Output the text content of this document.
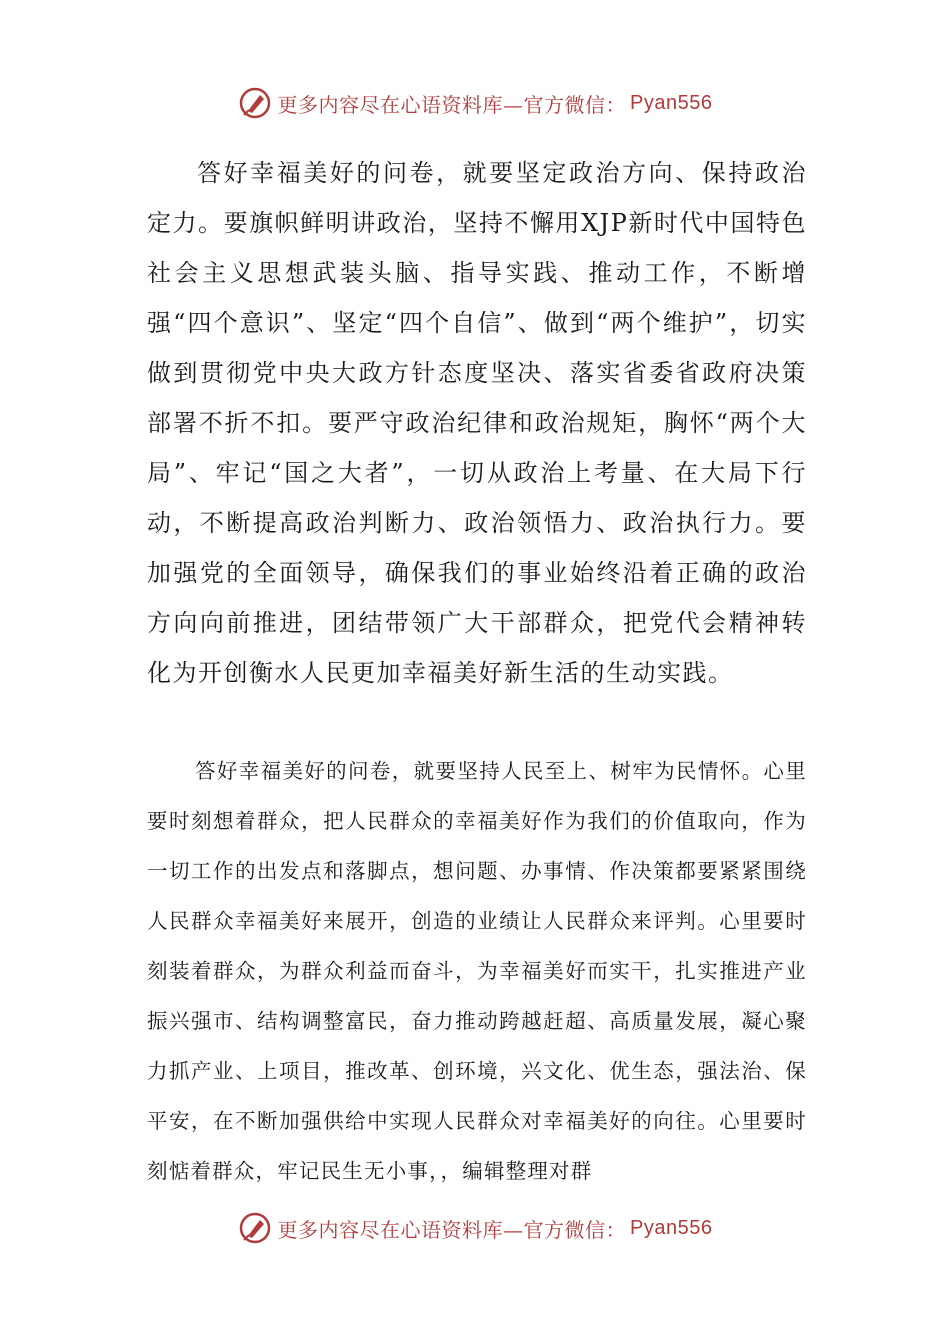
更多内容尽在心语资料库—官方微信： Pyan556

答好幸福美好的问卷，就要坚定政治方向、保持政治定力。要旗帜鲜明讲政治，坚持不懈用XJP新时代中国特色社会主义思想武装头脑、指导实践、推动工作，不断增强“四个意识”、坚定“四个自信”、做到“两个维护”，切实做到贯彻党中央大政方针态度坚决、落实省委省政府决策部署不折不扣。要严守政治纪律和政治规矩，胸怀“两个大局”、牢记“国之大者”，一切从政治上考量、在大局下行动，不断提高政治判断力、政治领悟力、政治执行力。要加强党的全面领导，确保我们的事业始终沿着正确的政治方向向前推进，团结带领广大干部群众，把党代会精神转化为开创衡水人民更加幸福美好新生活的生动实践。

答好幸福美好的问卷，就要坚持人民至上、树牢为民情怀。心里要时刻想着群众，把人民群众的幸福美好作为我们的价值取向，作为一切工作的出发点和落脚点，想问题、办事情、作决策都要紧紧围绕人民群众幸福美好来展开，创造的业绩让人民群众来评判。心里要时刻装着群众，为群众利益而奋斗，为幸福美好而实干，扎实推进产业振兴强市、结构调整富民，奋力推动跨越赶超、高质量发展，凝心聚力抓产业、上项目，推改革、创环境，兴文化、优生态，强法治、保平安，在不断加强供给中实现人民群众对幸福美好的向往。心里要时刻惦着群众，牢记民生无小事，，编辑整理对群

更多内容尽在心语资料库—官方微信： Pyan556
